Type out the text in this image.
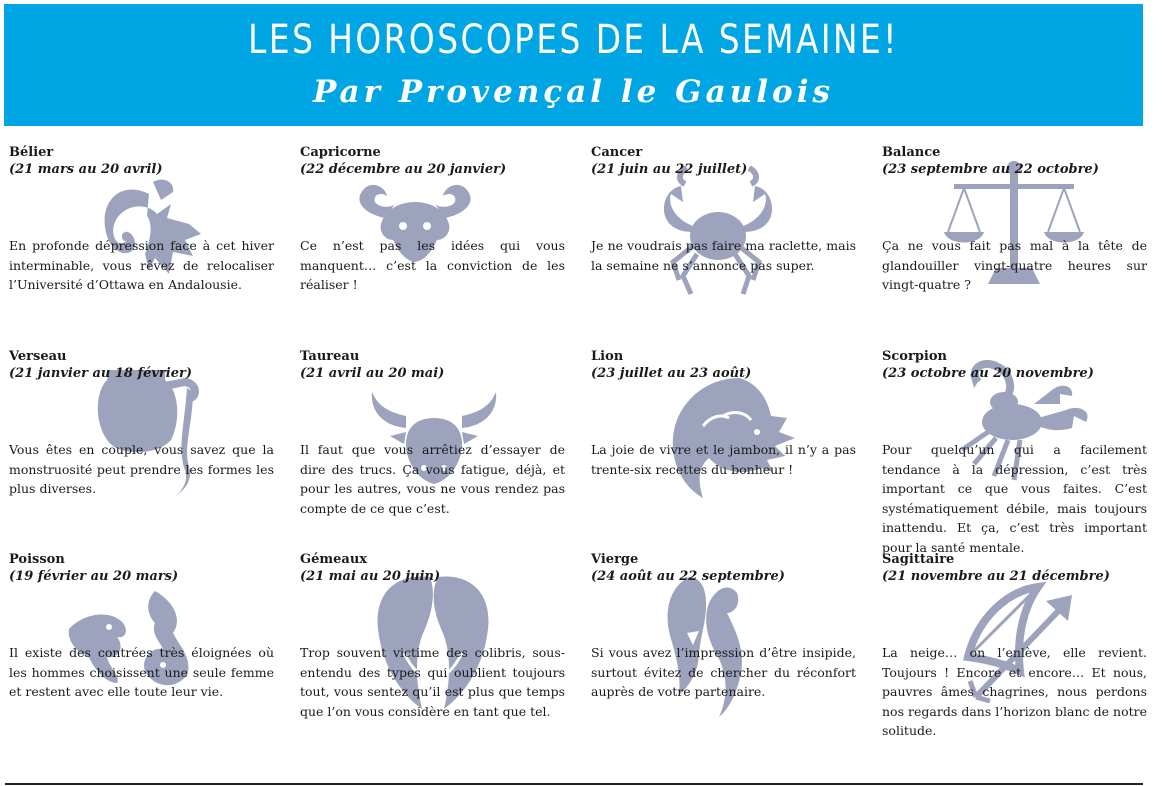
LES HOROSCOPES DE LA SEMAINE!
Par Provençal le Gaulois
Bélier
(21 mars au 20 avril)
En profonde dépression face à cet hiver interminable, vous rêvez de relocaliser l’Université d’Ottawa en Andalousie.
Capricorne
(22 décembre au 20 janvier)
Ce n’est pas les idées qui vous manquent… c’est la conviction de les réaliser !
Cancer
(21 juin au 22 juillet)
Je ne voudrais pas faire ma raclette, mais la semaine ne s’annonce pas super.
Balance
(23 septembre au 22 octobre)
Ça ne vous fait pas mal à la tête de glandouiller vingt-quatre heures sur vingt-quatre ?
Verseau
(21 janvier au 18 février)
Vous êtes en couple, vous savez que la monstruosité peut prendre les formes les plus diverses.
Taureau
(21 avril au 20 mai)
Il faut que vous arrêtiez d’essayer de dire des trucs. Ça vous fatigue, déjà, et pour les autres, vous ne vous rendez pas compte de ce que c’est.
Lion
(23 juillet au 23 août)
La joie de vivre et le jambon, il n’y a pas trente-six recettes du bonheur !
Scorpion
(23 octobre au 20 novembre)
Pour quelqu’un qui a facilement tendance à la dépression, c’est très important ce que vous faites. C’est systématiquement débile, mais toujours inattendu. Et ça, c’est très important pour la santé mentale.
Poisson
(19 février au 20 mars)
Il existe des contrées très éloignées où les hommes choisissent une seule femme et restent avec elle toute leur vie.
Gémeaux
(21 mai au 20 juin)
Trop souvent victime des colibris, sous-entendu des types qui oublient toujours tout, vous sentez qu’il est plus que temps que l’on vous considère en tant que tel.
Vierge
(24 août au 22 septembre)
Si vous avez l’impression d’être insipide, surtout évitez de chercher du réconfort auprès de votre partenaire.
Sagittaire
(21 novembre au 21 décembre)
La neige… on l’enlève, elle revient. Toujours ! Encore et encore… Et nous, pauvres âmes chagrines, nous perdons nos regards dans l’horizon blanc de notre solitude.
